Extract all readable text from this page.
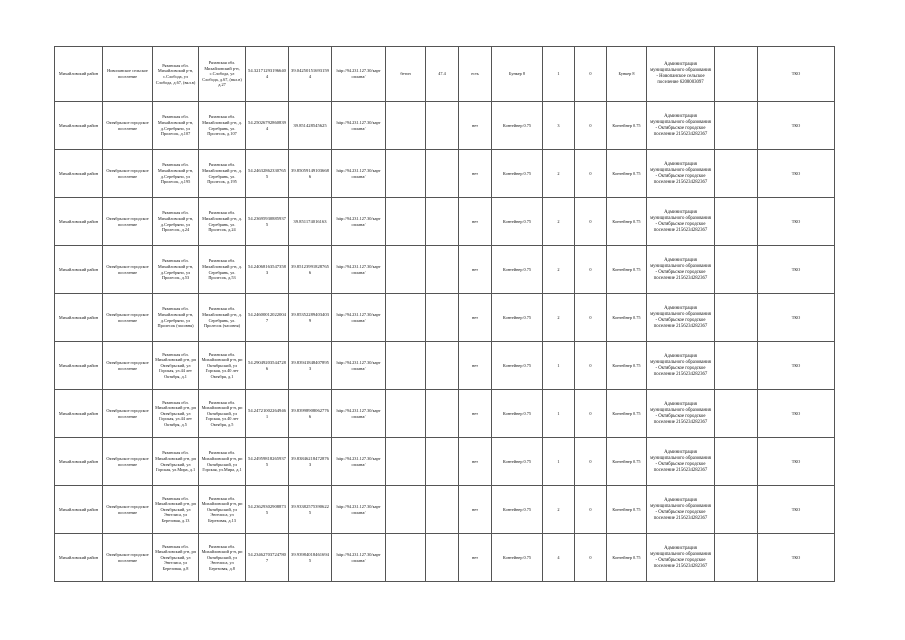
Михайловский район	Новопанское сельское поселение	Рязанская обл. Михайловский р-н, с.Слобода, ул Слобода, д.67, (вкл.в)	Рязанская обл. Михайловский р-н, с.Слобода, ул Слобода, д.67, (вкл.в) д.27	54.321712931966404	39.042501516931594	http://94.231.127.30/карт оплана/	бетон	47.4	есть	Бункер 8	1	0	Бункер 8	Администрация муниципального образования - Новопанское сельское поселение 6208003097		ТКО
Михайловский район	Октябрьское городское поселение	Рязанская обл. Михайловский р-н, д.Серебряно, ул Пролесок, д.107	Рязанская обл. Михайловский р-н, д. Серебрянь, ул. Пролесок, д.107	54.250267928608394	39.851428545625	http://94.231.127.30/карт оплана/			нет	Контейнер 0.75	3	0	Контейнер 0.75	Администрация муниципального образования - Октябрьское городское поселение 2156234282367		ТКО
Михайловский район	Октябрьское городское поселение	Рязанская обл. Михайловский р-н, д.Серебряно, ул Пролесок, д.195	Рязанская обл. Михайловский р-н, д. Серебрянь, ул. Пролесок, д.195	54.246328623307655	39.850591491036686	http://94.231.127.30/карт оплана/			нет	Контейнер 0.75	2	0	Контейнер 0.75	Администрация муниципального образования - Октябрьское городское поселение 2156234282367		ТКО
Михайловский район	Октябрьское городское поселение	Рязанская обл. Михайловский р-н, д.Серебряно, ул Пролесок, д.24	Рязанская обл. Михайловский р-н, д. Серебрянь, ул. Пролесок, д.24	54.236959308859375	39.851174016163	http://94.231.127.30/карт оплана/			нет	Контейнер 0.75	2	0	Контейнер 0.75	Администрация муниципального образования - Октябрьское городское поселение 2156234282367		ТКО
Михайловский район	Октябрьское городское поселение	Рязанская обл. Михайловский р-н, д.Серебряно, ул Пролесок, д.53	Рязанская обл. Михайловский р-н, д. Серебрянь, ул. Пролесок, д.53	54.240681635473583	39.851239918287656	http://94.231.127.30/карт оплана/			нет	Контейнер 0.75	2	0	Контейнер 0.75	Администрация муниципального образования - Октябрьское городское поселение 2156234282367		ТКО
Михайловский район	Октябрьское городское поселение	Рязанская обл. Михайловский р-н, д.Серебряно, ул Пролесок (часовня)	Рязанская обл. Михайловский р-н, д. Серебрянь, ул. Пролесок (часовня)	54.246000120220047	39.853522894034039	http://94.231.127.30/карт оплана/			нет	Контейнер 0.75	2	0	Контейнер 0.75	Администрация муниципального образования - Октябрьское городское поселение 2156234282367		ТКО
Михайловский район	Октябрьское городское поселение	Рязанская обл. Михайловский р-н, рп Октябрьский, ул Горская, ул.44 лет Октября, д.1	Рязанская обл. Михайловский р-н, рп Октябрьский, ул Горская, ул.40 лет Октября, д.1	54.290492035447286	39.839418484078953	http://94.231.127.30/карт оплана/			нет	Контейнер 0.75	1	0	Контейнер 0.75	Администрация муниципального образования - Октябрьское городское поселение 2156234282367		ТКО
Михайловский район	Октябрьское городское поселение	Рязанская обл. Михайловский р-н, рп Октябрьский, ул Горская, ул.44 лет Октября, д.5	Рязанская обл. Михайловский р-н, рп Октябрьский, ул Горская, ул.40 лет Октября, д.5	54.247210022649461	39.839989080627766	http://94.231.127.30/карт оплана/			нет	Контейнер 0.75	1	0	Контейнер 0.75	Администрация муниципального образования - Октябрьское городское поселение 2156234282367		ТКО
Михайловский район	Октябрьское городское поселение	Рязанская обл. Михайловский р-н, рп Октябрьский, ул Горская, ул.Мира, д.1	Рязанская обл. Михайловский р-н, рп Октябрьский, ул Горская, ул.Мира, д.1	54.249598182659375	39.838462184728763	http://94.231.127.30/карт оплана/			нет	Контейнер 0.75	1	0	Контейнер 0.75	Администрация муниципального образования - Октябрьское городское поселение 2156234282367		ТКО
Михайловский район	Октябрьское городское поселение	Рязанская обл. Михайловский р-н, рп Октябрьский, ул Энгелиса, ул Березовая, д.13	Рязанская обл. Михайловский р-н, рп Октябрьский, ул Энгелиса, ул Березовая, д.13	54.236293029088735	39.933825753906225	http://94.231.127.30/карт оплана/			нет	Контейнер 0.75	2	0	Контейнер 0.75	Администрация муниципального образования - Октябрьское городское поселение 2156234282367		ТКО
Михайловский район	Октябрьское городское поселение	Рязанская обл. Михайловский р-н, рп Октябрьский, ул Энгелиса, ул Березовая, д.8	Рязанская обл. Михайловский р-н, рп Октябрьский, ул Энгелиса, ул Березовая, д.8	54.234627037247807	39.939840184616945	http://94.231.127.30/карт оплана/			нет	Контейнер 0.75	4	0	Контейнер 0.75	Администрация муниципального образования - Октябрьское городское поселение 2156234282367		ТКО
